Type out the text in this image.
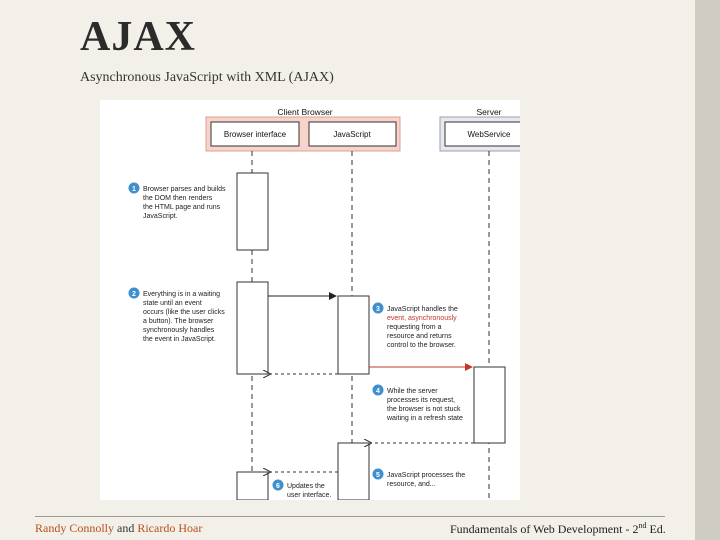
AJAX
Asynchronous JavaScript with XML (AJAX)
Client Browser	Server
Browser interface	JavaScript	WebService
1 Browser parses and builds the DOM then renders the HTML page and runs JavaScript.
2 Everything is in a waiting state until an event occurs (like the user clicks a button). The browser synchronously handles the event in JavaScript.
3 JavaScript handles the event, asynchronously requesting from a resource and returns control to the browser.
4 While the server processes its request, the browser is not stuck waiting in a refresh state
5 JavaScript processes the resource, and...
6 Updates the user interface.
Randy Connolly and Ricardo Hoar	Fundamentals of Web Development - 2nd Ed.
